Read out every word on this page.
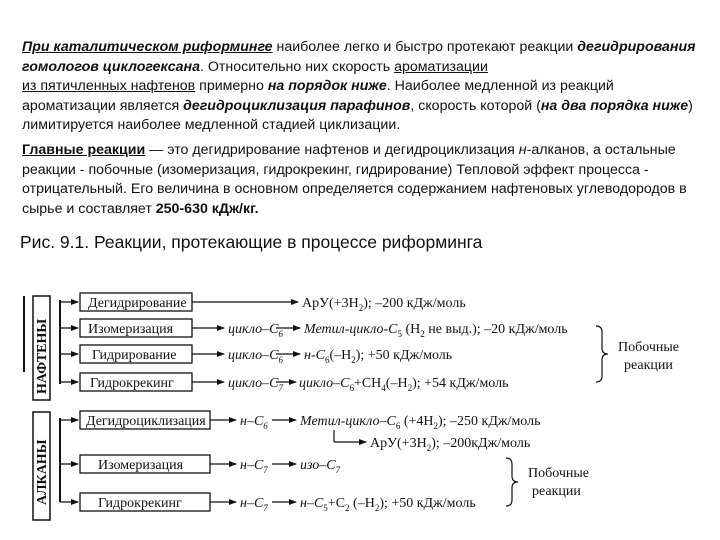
При каталитическом риформинге наиболее легко и быстро протекают реакции дегидрирования гомологов циклогексана. Относительно них скорость ароматизации
из пятичленных нафтенов примерно на порядок ниже. Наиболее медленной из реакций ароматизации является дегидроциклизация парафинов, скорость которой (на два порядка ниже) лимитируется наиболее медленной стадией циклизации.
Главные реакции — это дегидрирование нафтенов и дегидроциклизация н-алканов, а остальные реакции - побочные (изомеризация, гидрокрекинг, гидрирование) Тепловой эффект процесса - отрицательный. Его величина в основном определяется содержанием нафтеновых углеводородов в сырье и составляет 250-630 кДж/кг.
Рис. 9.1. Реакции, протекающие в процессе риформинга
НАФТЕНЫ
АЛКАНЫ
Дегидрирование	$АрУ(+3H_2)$; –200 кДж/моль
Изомеризация	цикло–$C_6$ Метил-$цикло-C_5$ ($H_2$ не выд.); –20 кДж/моль
Гидрирование	цикло–$C_6$ $н-C_6(-H_2)$; +50 кДж/моль
Гидрокрекинг	цикло–$C_7$ цикло–$C_6+CH_4(-H_2)$; +54 кДж/моль
Побочные
реакции
Дегидроциклизация $н-C_6$ Метил-$цикло-C_6$ $(+4H_2)$; –250 кДж/моль
$АрУ(+3H_2)$; –200кДж/моль
Изомеризация	$н-C_7$ изо–$C_7$
Гидрокрекинг	$н-C_7$ $н-C_5+C_2$ $(-H_2)$; +50 кДж/моль
Побочные
реакции
